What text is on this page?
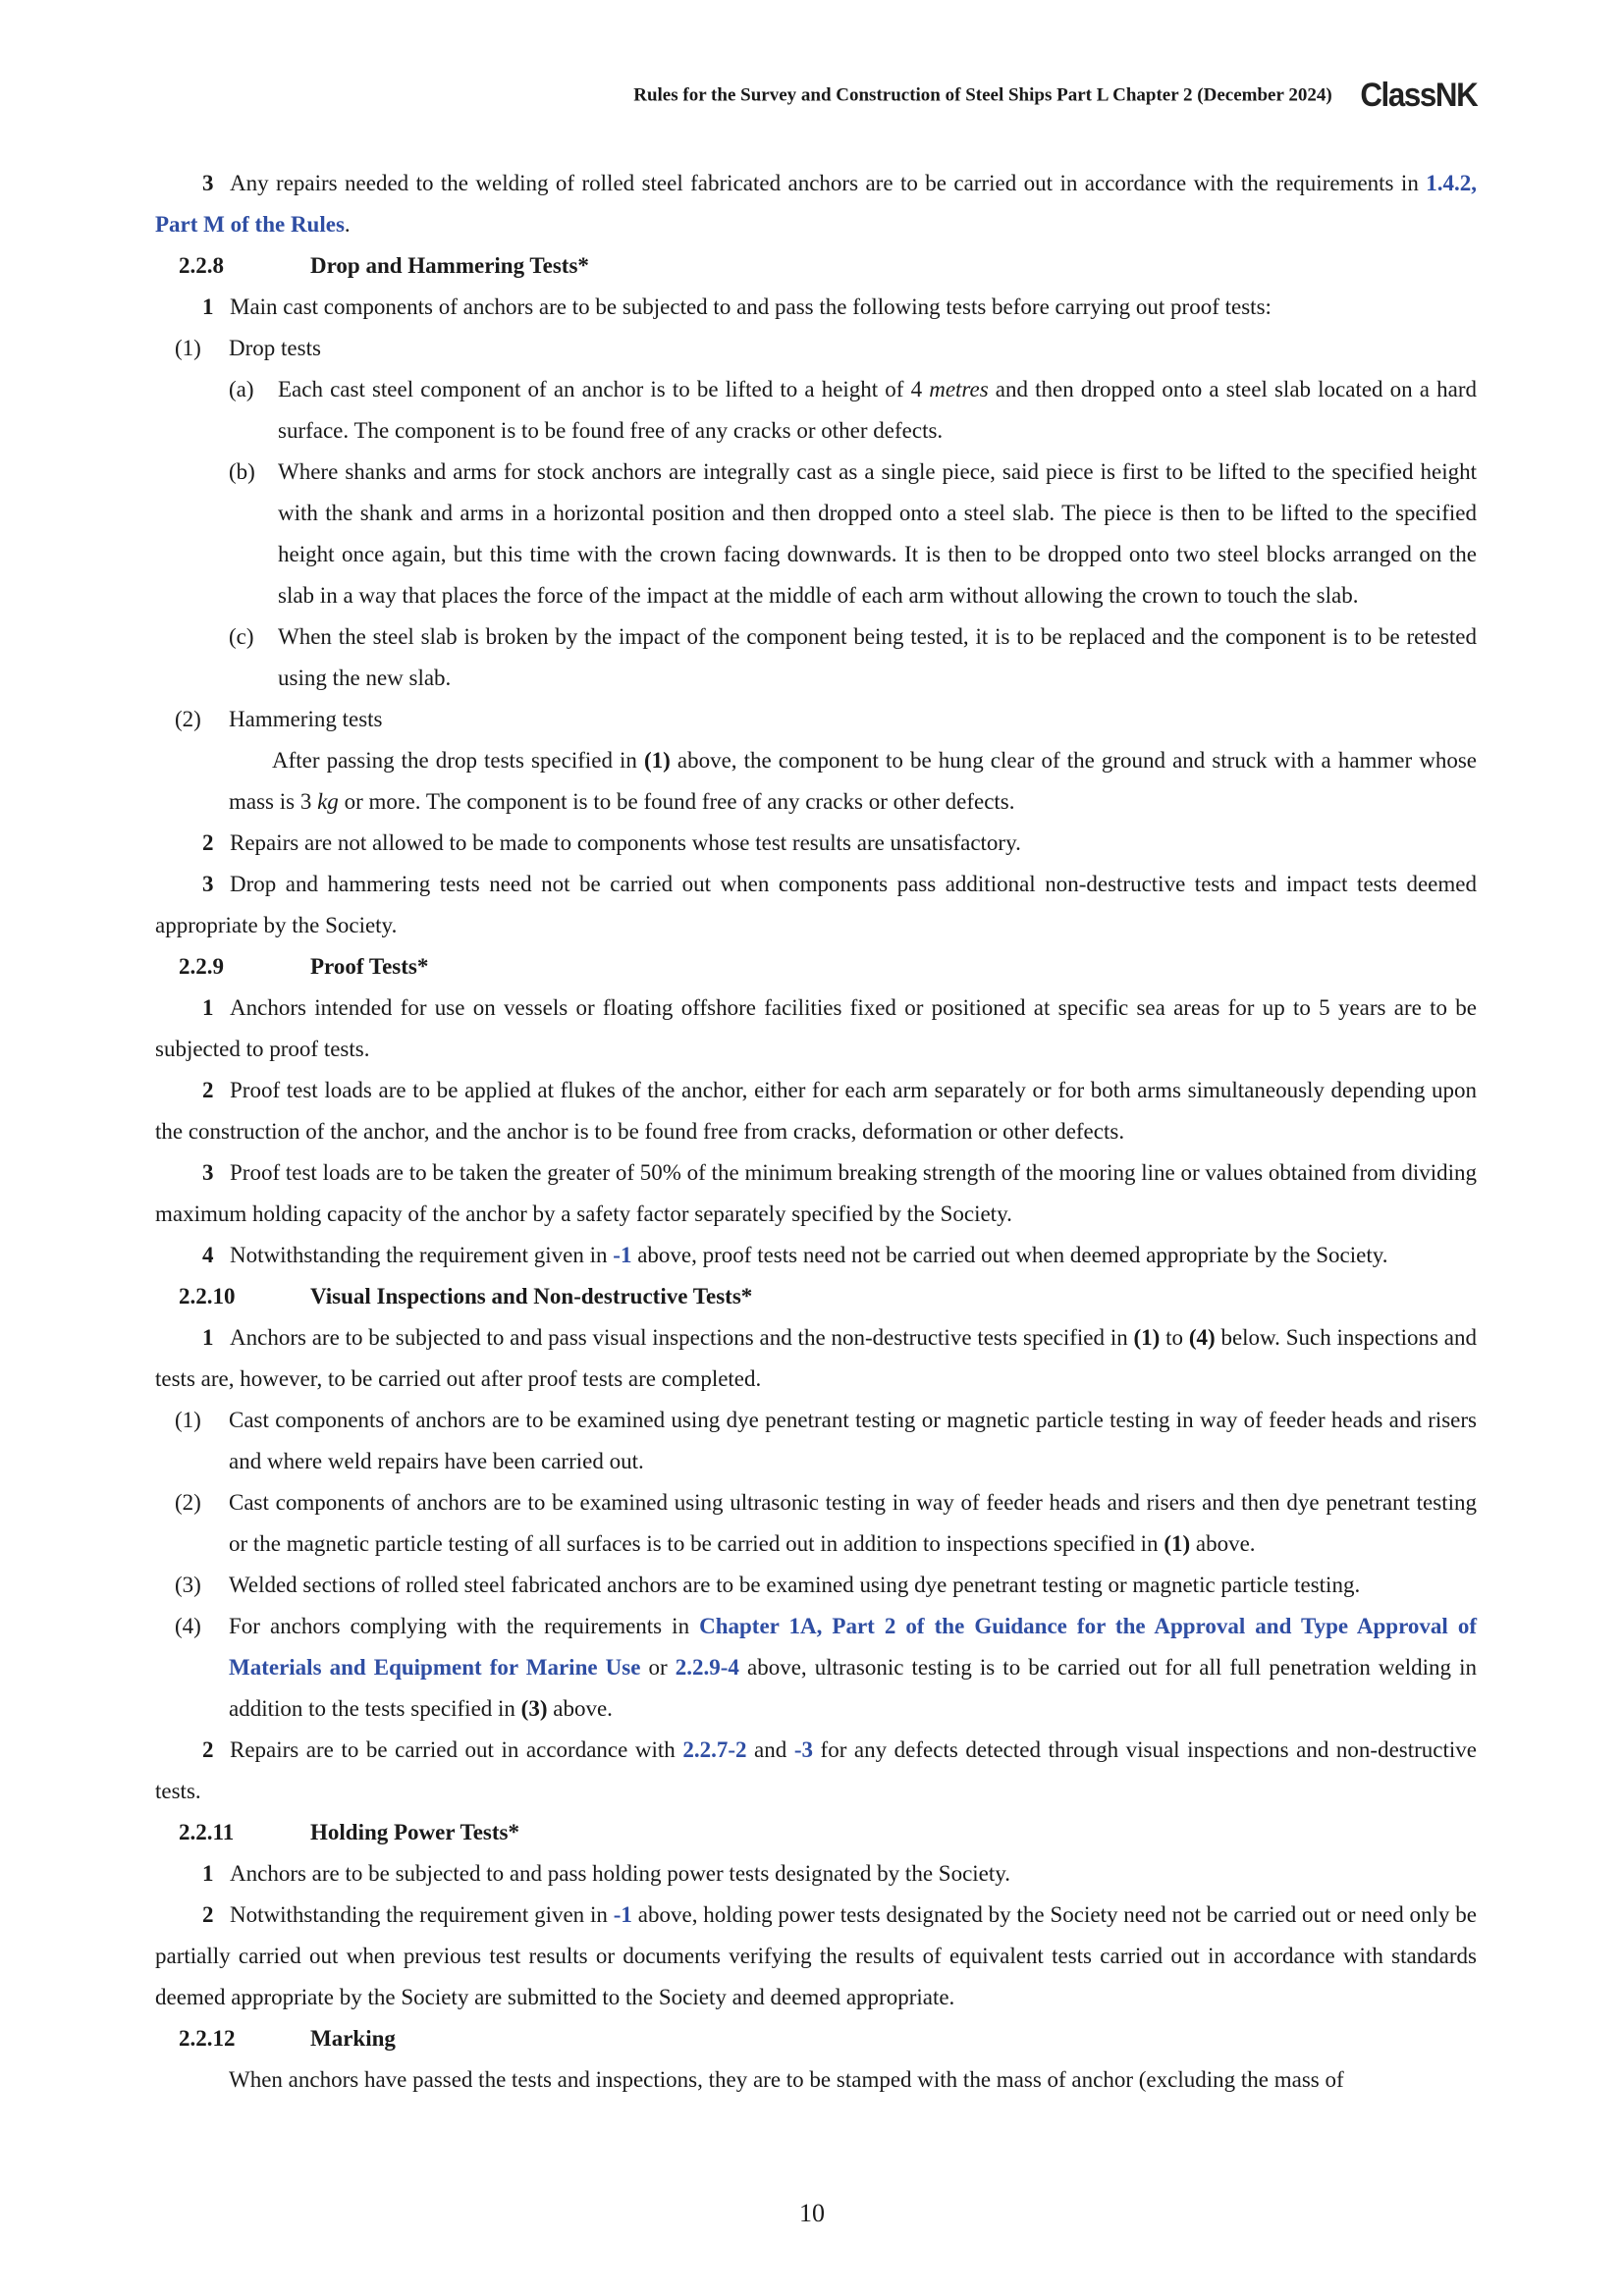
Rules for the Survey and Construction of Steel Ships Part L Chapter 2 (December 2024) ClassNK

3 Any repairs needed to the welding of rolled steel fabricated anchors are to be carried out in accordance with the requirements in 1.4.2, Part M of the Rules.

2.2.8	Drop and Hammering Tests*

1 Main cast components of anchors are to be subjected to and pass the following tests before carrying out proof tests:

(1) Drop tests

(a) Each cast steel component of an anchor is to be lifted to a height of 4 metres and then dropped onto a steel slab located on a hard surface. The component is to be found free of any cracks or other defects.

(b) Where shanks and arms for stock anchors are integrally cast as a single piece, said piece is first to be lifted to the specified height with the shank and arms in a horizontal position and then dropped onto a steel slab. The piece is then to be lifted to the specified height once again, but this time with the crown facing downwards. It is then to be dropped onto two steel blocks arranged on the slab in a way that places the force of the impact at the middle of each arm without allowing the crown to touch the slab.

(c) When the steel slab is broken by the impact of the component being tested, it is to be replaced and the component is to be retested using the new slab.

(2) Hammering tests

After passing the drop tests specified in (1) above, the component to be hung clear of the ground and struck with a hammer whose mass is 3 kg or more. The component is to be found free of any cracks or other defects.

2 Repairs are not allowed to be made to components whose test results are unsatisfactory.

3 Drop and hammering tests need not be carried out when components pass additional non-destructive tests and impact tests deemed appropriate by the Society.

2.2.9	Proof Tests*

1 Anchors intended for use on vessels or floating offshore facilities fixed or positioned at specific sea areas for up to 5 years are to be subjected to proof tests.

2 Proof test loads are to be applied at flukes of the anchor, either for each arm separately or for both arms simultaneously depending upon the construction of the anchor, and the anchor is to be found free from cracks, deformation or other defects.

3 Proof test loads are to be taken the greater of 50% of the minimum breaking strength of the mooring line or values obtained from dividing maximum holding capacity of the anchor by a safety factor separately specified by the Society.

4 Notwithstanding the requirement given in -1 above, proof tests need not be carried out when deemed appropriate by the Society.

2.2.10	Visual Inspections and Non-destructive Tests*

1 Anchors are to be subjected to and pass visual inspections and the non-destructive tests specified in (1) to (4) below. Such inspections and tests are, however, to be carried out after proof tests are completed.

(1) Cast components of anchors are to be examined using dye penetrant testing or magnetic particle testing in way of feeder heads and risers and where weld repairs have been carried out.

(2) Cast components of anchors are to be examined using ultrasonic testing in way of feeder heads and risers and then dye penetrant testing or the magnetic particle testing of all surfaces is to be carried out in addition to inspections specified in (1) above.

(3) Welded sections of rolled steel fabricated anchors are to be examined using dye penetrant testing or magnetic particle testing.

(4) For anchors complying with the requirements in Chapter 1A, Part 2 of the Guidance for the Approval and Type Approval of Materials and Equipment for Marine Use or 2.2.9-4 above, ultrasonic testing is to be carried out for all full penetration welding in addition to the tests specified in (3) above.

2 Repairs are to be carried out in accordance with 2.2.7-2 and -3 for any defects detected through visual inspections and non-destructive tests.

2.2.11	Holding Power Tests*

1 Anchors are to be subjected to and pass holding power tests designated by the Society.

2 Notwithstanding the requirement given in -1 above, holding power tests designated by the Society need not be carried out or need only be partially carried out when previous test results or documents verifying the results of equivalent tests carried out in accordance with standards deemed appropriate by the Society are submitted to the Society and deemed appropriate.

2.2.12	Marking

When anchors have passed the tests and inspections, they are to be stamped with the mass of anchor (excluding the mass of

10
